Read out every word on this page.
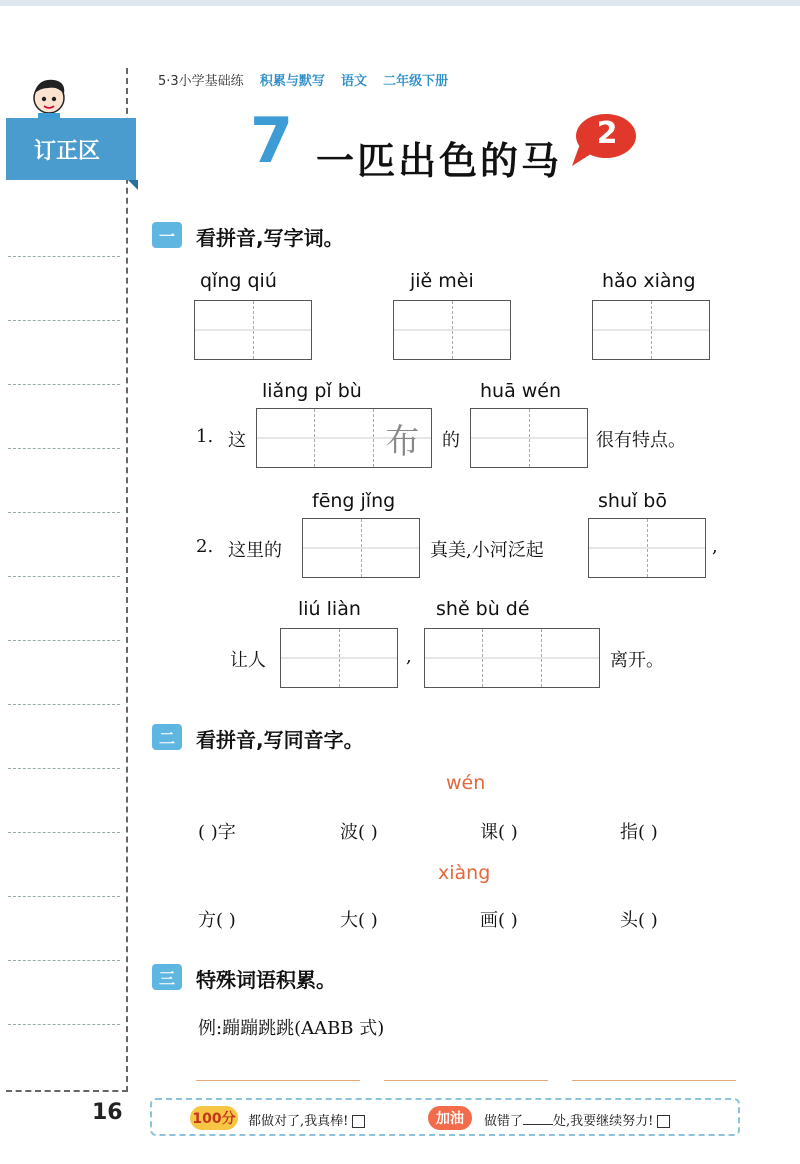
订正区
5·3小学基础练 积累与默写 语文 二年级下册
7 一匹出色的马
2
一	看拼音,写字词。
qǐng qiú	jiě mèi	hǎo xiàng
liǎng pǐ bù	huā wén
1. 这	布	的	很有特点。
fēng jǐng	shuǐ bō
2. 这里的	真美,小河泛起	,
liú liàn	shě bù dé
让人	,	离开。
二	看拼音,写同音字。
wén
( )字	波( )	课( )	指( )
xiàng
方( )	大( )	画( )	头( )
三	特殊词语积累。
例:蹦蹦跳跳(AABB 式)
16	100分 都做对了,我真棒!	加油	做错了 处,我要继续努力!
